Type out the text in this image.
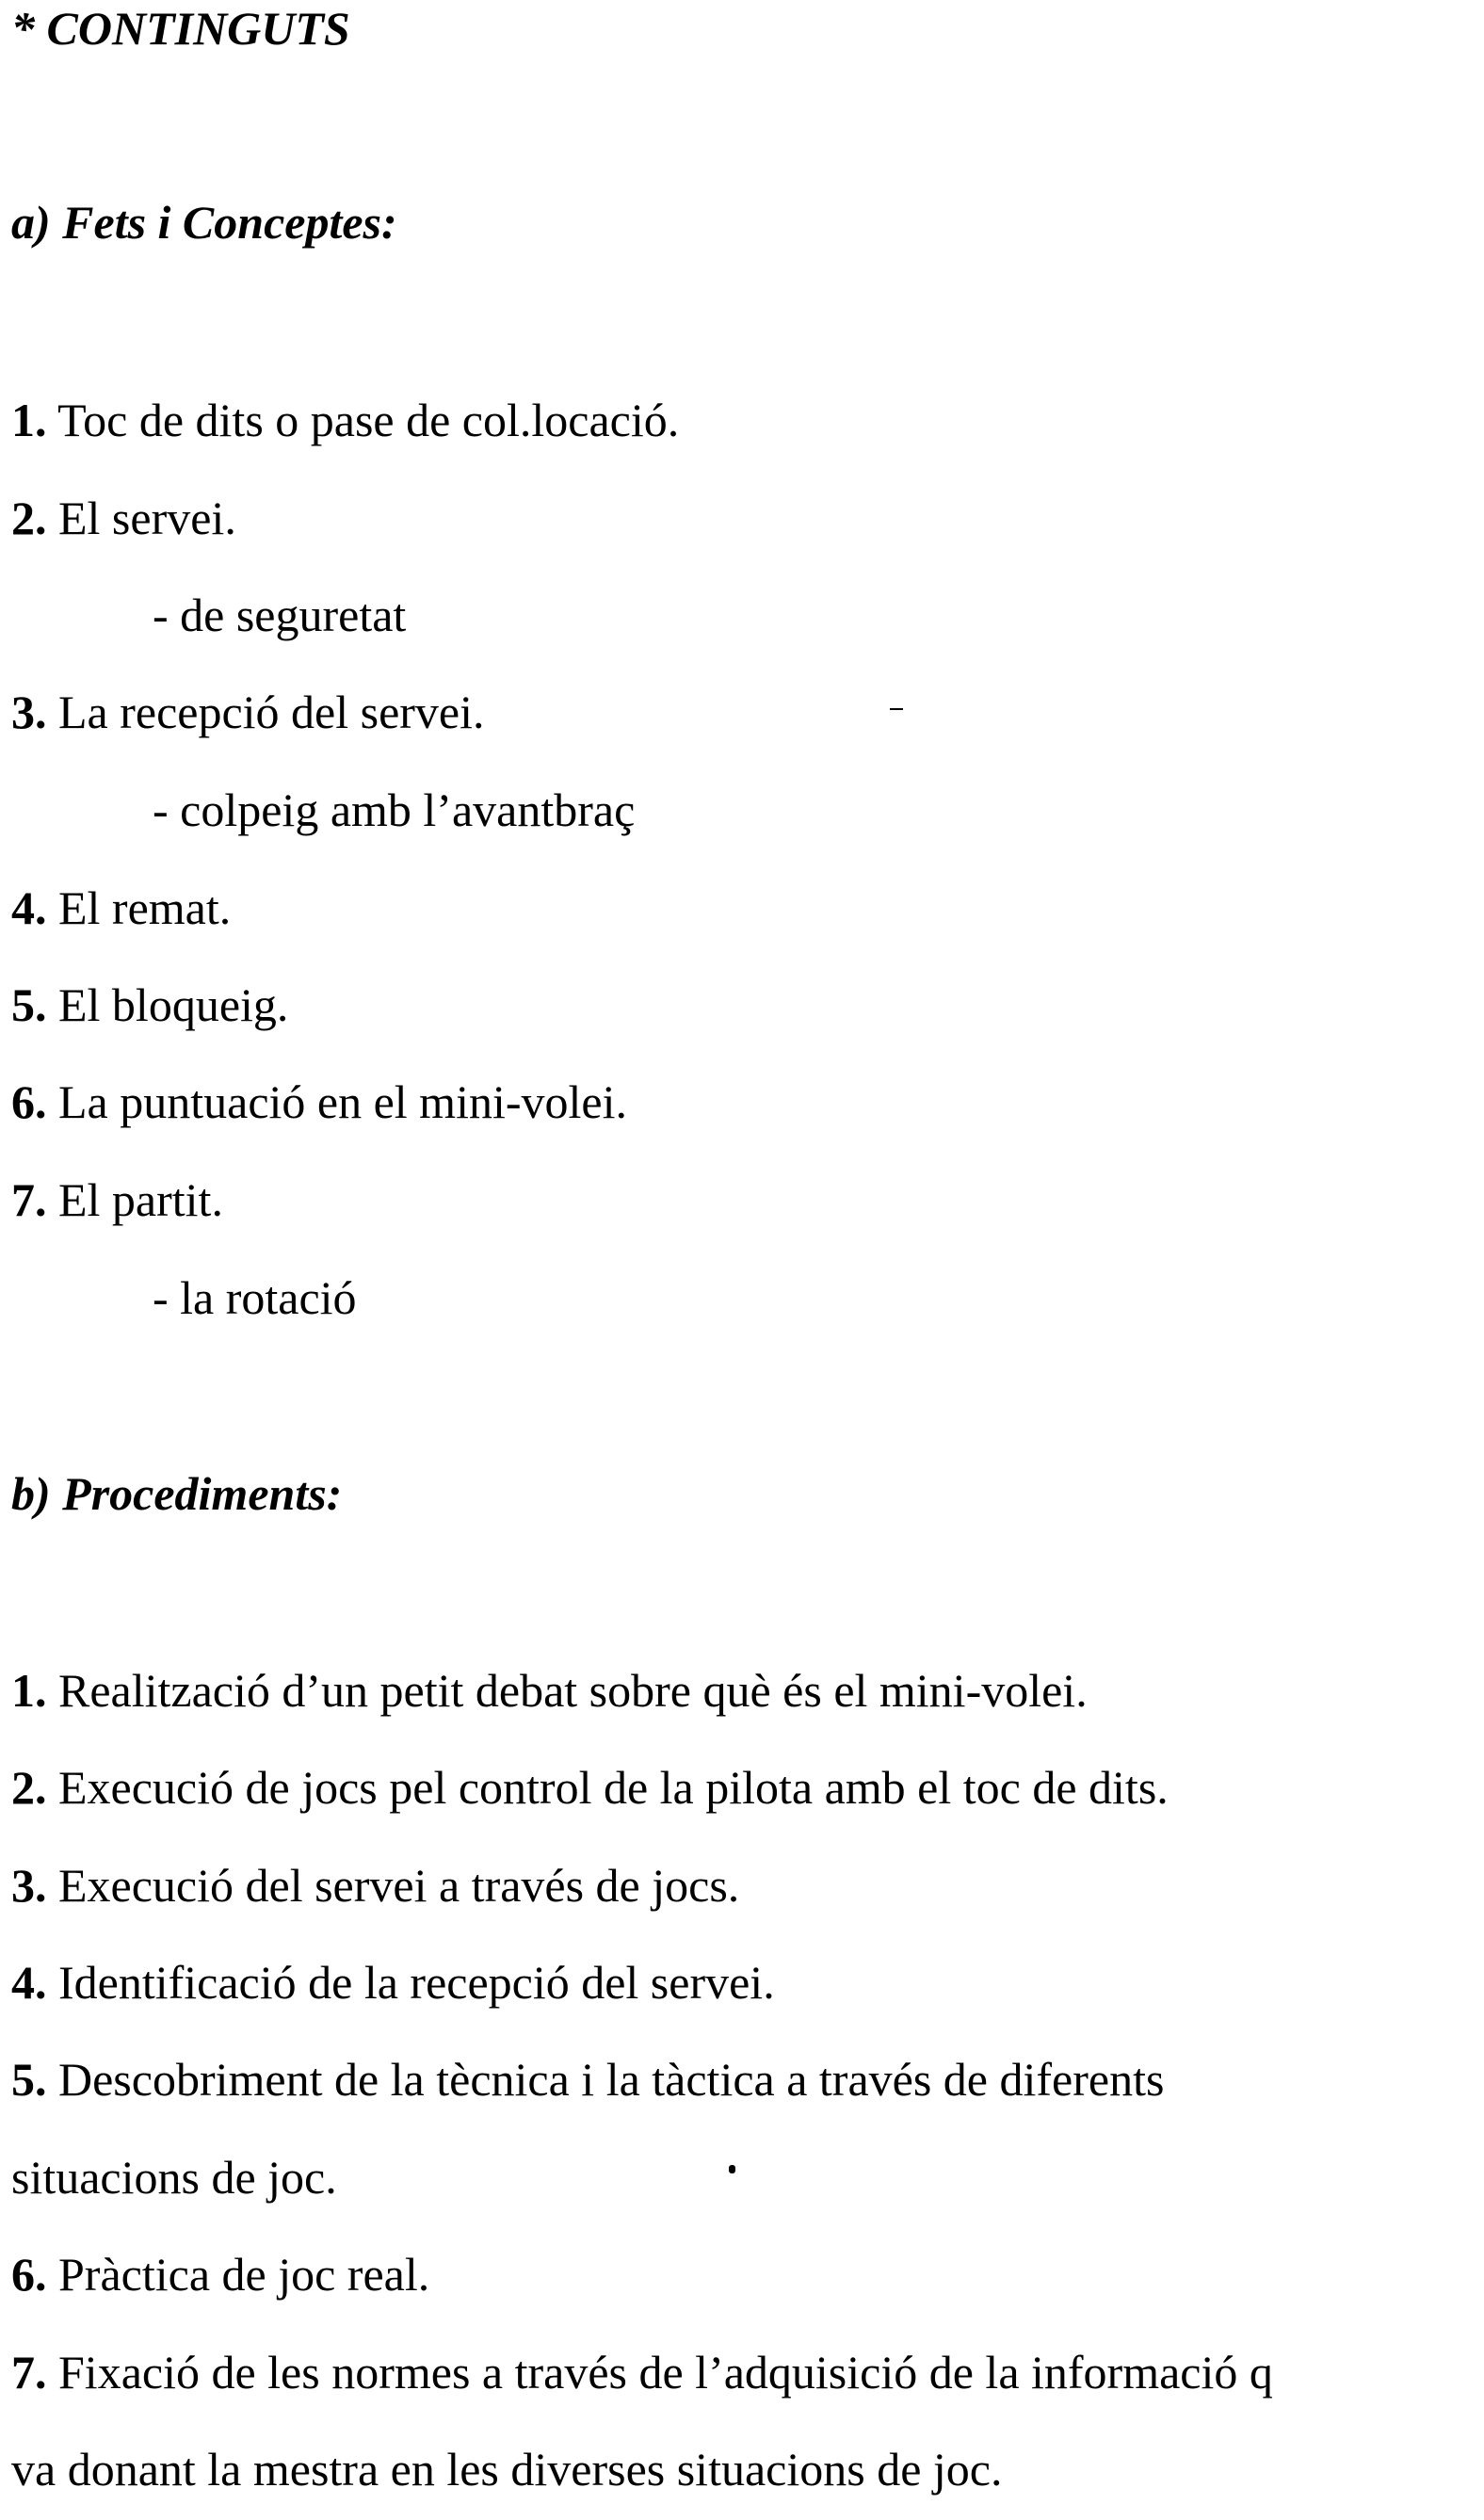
* CONTINGUTS

a) Fets i Conceptes:

1. Toc de dits o pase de col.locació.

2. El servei.

- de seguretat

3. La recepció del servei.

- colpeig amb l’avantbraç

4. El remat.

5. El bloqueig.

6. La puntuació en el mini-volei.

7. El partit.

- la rotació

b) Procediments:

1. Realització d’un petit debat sobre què és el mini-volei.

2. Execució de jocs pel control de la pilota amb el toc de dits.

3. Execució del servei a través de jocs.

4. Identificació de la recepció del servei.

5. Descobriment de la tècnica i la tàctica a través de diferents

situacions de joc.

6. Pràctica de joc real.

7. Fixació de les normes a través de l’adquisició de la informació q

va donant la mestra en les diverses situacions de joc.
